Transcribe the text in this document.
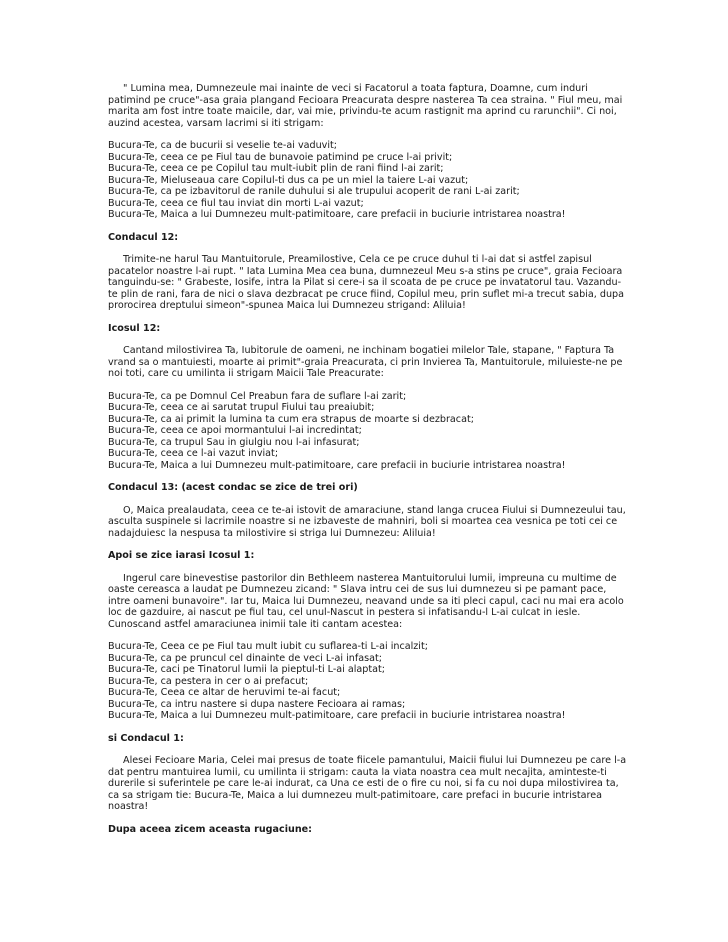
" Lumina mea, Dumnezeule mai inainte de veci si Facatorul a toata faptura, Doamne, cum induri patimind pe cruce"-asa graia plangand Fecioara Preacurata despre nasterea Ta cea straina. " Fiul meu, mai marita am fost intre toate maicile, dar, vai mie, privindu-te acum rastignit ma aprind cu rarunchii". Ci noi, auzind acestea, varsam lacrimi si iti strigam:

Bucura-Te, ca de bucurii si veselie te-ai vaduvit;
Bucura-Te, ceea ce pe Fiul tau de bunavoie patimind pe cruce l-ai privit;
Bucura-Te, ceea ce pe Copilul tau mult-iubit plin de rani fiind l-ai zarit;
Bucura-Te, Mieluseaua care Copilul-ti dus ca pe un miel la taiere L-ai vazut;
Bucura-Te, ca pe izbavitorul de ranile duhului si ale trupului acoperit de rani L-ai zarit;
Bucura-Te, ceea ce fiul tau inviat din morti L-ai vazut;
Bucura-Te, Maica a lui Dumnezeu mult-patimitoare, care prefacii in buciurie intristarea noastra!
Condacul 12:

Trimite-ne harul Tau Mantuitorule, Preamilostive, Cela ce pe cruce duhul ti l-ai dat si astfel zapisul pacatelor noastre l-ai rupt. " Iata Lumina Mea cea buna, dumnezeul Meu s-a stins pe cruce", graia Fecioara tanguindu-se: " Grabeste, Iosife, intra la Pilat si cere-i sa il scoata de pe cruce pe invatatorul tau. Vazandu-te plin de rani, fara de nici o slava dezbracat pe cruce fiind, Copilul meu, prin suflet mi-a trecut sabia, dupa prorocirea dreptului simeon"-spunea Maica lui Dumnezeu strigand: Aliluia!

Icosul 12:

Cantand milostivirea Ta, Iubitorule de oameni, ne inchinam bogatiei milelor Tale, stapane, " Faptura Ta vrand sa o mantuiesti, moarte ai primit"-graia Preacurata, ci prin Invierea Ta, Mantuitorule, miluieste-ne pe noi toti, care cu umilinta ii strigam Maicii Tale Preacurate:

Bucura-Te, ca pe Domnul Cel Preabun fara de suflare l-ai zarit;
Bucura-Te, ceea ce ai sarutat trupul Fiului tau preaiubit;
Bucura-Te, ca ai primit la lumina ta cum era strapus de moarte si dezbracat;
Bucura-Te, ceea ce apoi mormantului l-ai incredintat;
Bucura-Te, ca trupul Sau in giulgiu nou l-ai infasurat;
Bucura-Te, ceea ce l-ai vazut inviat;
Bucura-Te, Maica a lui Dumnezeu mult-patimitoare, care prefacii in buciurie intristarea noastra!
Condacul 13: (acest condac se zice de trei ori)

O, Maica prealaudata, ceea ce te-ai istovit de amaraciune, stand langa crucea Fiului si Dumnezeului tau, asculta suspinele si lacrimile noastre si ne izbaveste de mahniri, boli si moartea cea vesnica pe toti cei ce nadajduiesc la nespusa ta milostivire si striga lui Dumnezeu: Aliluia!

Apoi se zice iarasi Icosul 1:

Ingerul care binevestise pastorilor din Bethleem nasterea Mantuitorului lumii, impreuna cu multime de oaste cereasca a laudat pe Dumnezeu zicand: " Slava intru cei de sus lui dumnezeu si pe pamant pace, intre oameni bunavoire". Iar tu, Maica lui Dumnezeu, neavand unde sa iti pleci capul, caci nu mai era acolo loc de gazduire, ai nascut pe fiul tau, cel unul-Nascut in pestera si infatisandu-l L-ai culcat in iesle. Cunoscand astfel amaraciunea inimii tale iti cantam acestea:

Bucura-Te, Ceea ce pe Fiul tau mult iubit cu suflarea-ti L-ai incalzit;
Bucura-Te, ca pe pruncul cel dinainte de veci L-ai infasat;
Bucura-Te, caci pe Tinatorul lumii la pieptul-ti L-ai alaptat;
Bucura-Te, ca pestera in cer o ai prefacut;
Bucura-Te, Ceea ce altar de heruvimi te-ai facut;
Bucura-Te, ca intru nastere si dupa nastere Fecioara ai ramas;
Bucura-Te, Maica a lui Dumnezeu mult-patimitoare, care prefacii in buciurie intristarea noastra!
si Condacul 1:

Alesei Fecioare Maria, Celei mai presus de toate fiicele pamantului, Maicii fiului lui Dumnezeu pe care l-a dat pentru mantuirea lumii, cu umilinta ii strigam: cauta la viata noastra cea mult necajita, aminteste-ti durerile si suferintele pe care le-ai indurat, ca Una ce esti de o fire cu noi, si fa cu noi dupa milostivirea ta, ca sa strigam tie: Bucura-Te, Maica a lui dumnezeu mult-patimitoare, care prefaci in bucurie intristarea noastra!

Dupa aceea zicem aceasta rugaciune:
